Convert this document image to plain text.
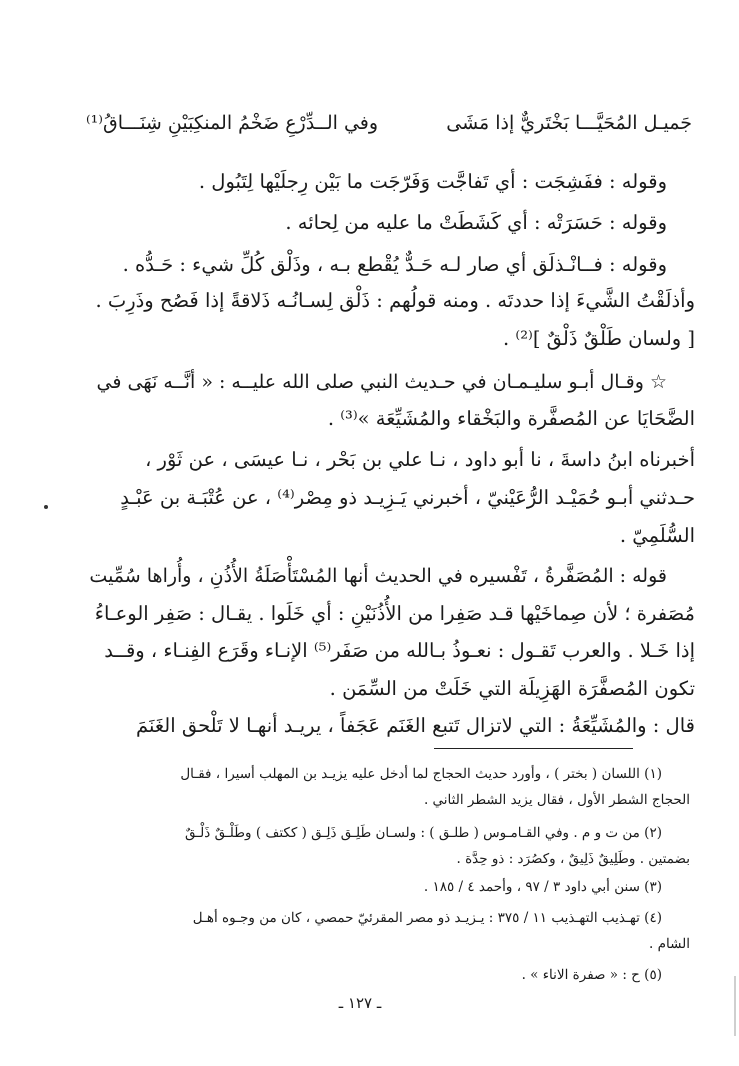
جَميـل المُحَيَّـــا بَخْتَريٌّ إذا مَشَى
وفي الــدِّرْعِ ضَخْمُ المنكِبَيْنِ شِنَـــاقُ⁽¹⁾
وقوله : ففَشِجَت : أي تَفاجَّت وَفَرّجَت ما بَيْن رِجلَيْها لِتَبُول .
وقوله : حَسَرَتْه : أي كَشَطَتْ ما عليه من لِحائه .
وقوله : فــانْـذلَق أي صار لـه حَـدٌّ يُقْطع بـه ، وذَلْق كُلِّ شيء : حَـدُّه .
وأذلَقْتُ الشَّيءَ إذا حددتَه . ومنه قولُهم : ذَلْق لِسـانُـه ذَلاقةً إذا فَصُح وذَرِبَ .
[ ولسان طَلْقٌ ذَلْقٌ ]⁽²⁾ .
☆ وقـال أبـو سليـمـان في حـديث النبي صلى الله عليــه : « أنَّــه نَهَى في
الضَّحَايَا عن المُصفَّرة والبَخْقاء والمُشَيِّعَة »⁽³⁾ .
أخبرناه ابنُ داسةَ ، نا أبو داود ، نـا علي بن بَحْر ، نـا عيسَى ، عن ثَوْر ،
حـدثني أبـو حُمَيْـد الرُّعَيْنيّ ، أخبرني يَـزِيـد ذو مِصْر⁽⁴⁾ ، عن عُتْبَـة بن عَبْـدٍ
السُّلَمِيّ .
قوله : المُصَفَّرةُ ، تَفْسيره في الحديث أنها المُسْتَأْصَلَةُ الأُذُنِ ، وأُراها سُمِّيت
مُصَفرة ؛ لأن صِماخَيْها قـد صَفِرا من الأُذُنَيْنِ : أي خَلَوا . يقـال : صَفِر الوعـاءُ
إذا خَـلا . والعرب تَقـول : نعـوذُ بـالله من صَفَر⁽⁵⁾ الإنـاء وقَرَع الفِنـاء ، وقــد
تكون المُصفَّرَة الهَزِيلَة التي خَلَتْ من السِّمَن .
قال : والمُشَيِّعَةُ : التي لاتزال تَتبع الغَنَم عَجَفاً ، يريـد أنهـا لا تَلْحق الغَنَمَ
(١) اللسان ( بختر ) ، وأورد حديث الحجاج لما أدخل عليه يزيـد بن المهلب أسيرا ، فقـال
الحجاج الشطر الأول ، فقال يزيد الشطر الثاني .
(٢) من ت و م . وفي القـامـوس ( طلـق ) : ولسـان طَلِـق ذَلِـق ( ككتف ) وطَلْـقٌ ذَلْـقٌ
بضمتين . وطَلِيقٌ ذَلِيقٌ ، وكصُرَد : ذو حِدَّة .
(٣) سنن أبي داود ٣ / ٩٧ ، وأحمد ٤ / ١٨٥ .
(٤) تهـذيب التهـذيب ١١ / ٣٧٥ : يـزيـد ذو مصر المقرئيّ حمصي ، كان من وجـوه أهـل
الشام .
(٥) ح : « صفرة الاناء » .
ـ ١٢٧ ـ
